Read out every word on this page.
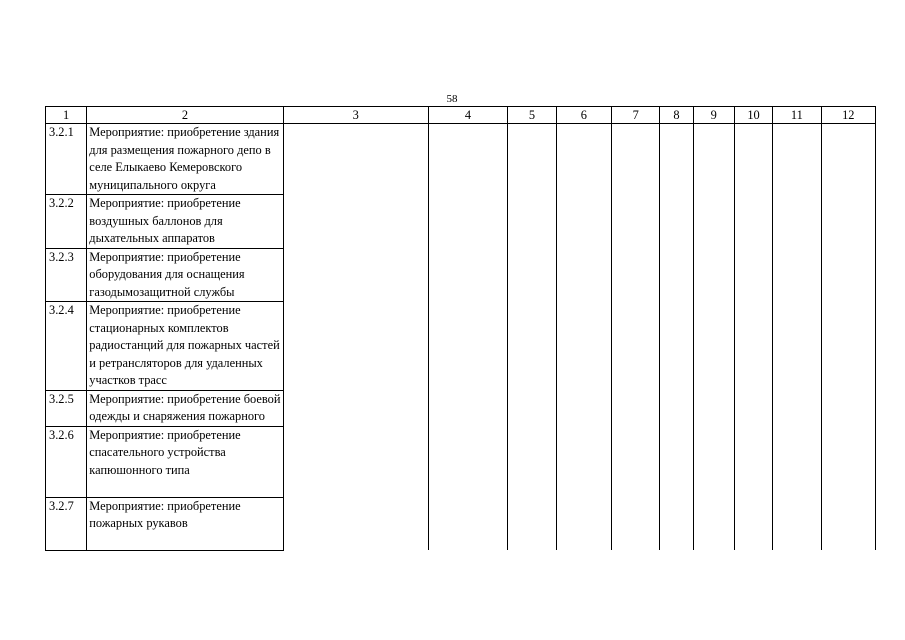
58
1	2	3	4	5	6	7	8	9	10	11	12
3.2.1	Мероприятие: приобретение здания для размещения пожарного депо в селе Елыкаево Кемеровского муниципального округа										
3.2.2	Мероприятие: приобретение воздушных баллонов для дыхательных аппаратов										
3.2.3	Мероприятие: приобретение оборудования для оснащения газодымозащитной службы										
3.2.4	Мероприятие: приобретение стационарных комплектов радиостанций для пожарных частей и ретрансляторов для удаленных участков трасс										
3.2.5	Мероприятие: приобретение боевой одежды и снаряжения пожарного										
3.2.6	Мероприятие: приобретение спасательного устройства капюшонного типа										
3.2.7	Мероприятие: приобретение пожарных рукавов										
